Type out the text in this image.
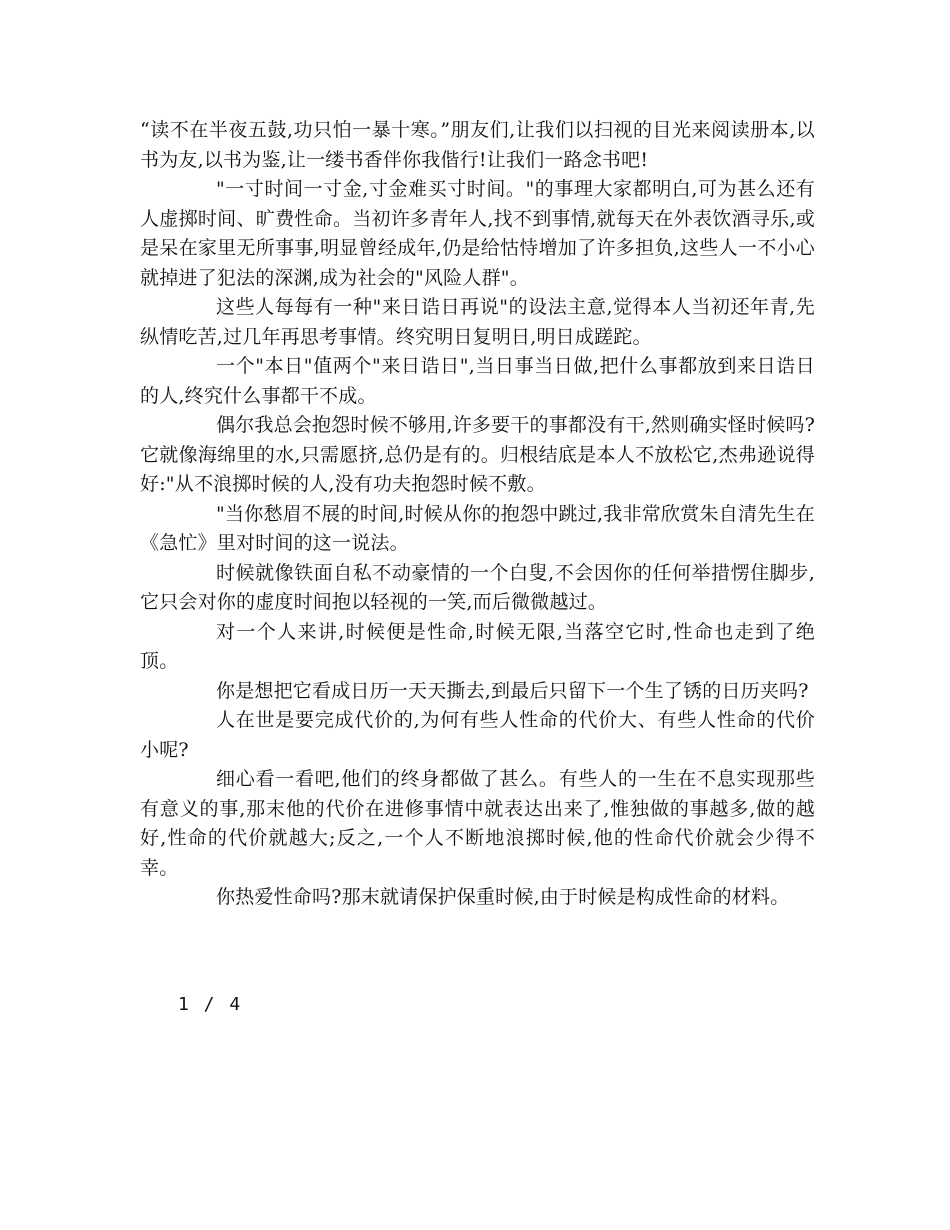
“读不在半夜五鼓,功只怕一暴十寒。”朋友们,让我们以扫视的目光来阅读册本,以书为友,以书为鉴,让一缕书香伴你我偕行!让我们一路念书吧!

"一寸时间一寸金,寸金难买寸时间。"的事理大家都明白,可为甚么还有人虚掷时间、旷费性命。当初许多青年人,找不到事情,就每天在外表饮酒寻乐,或是呆在家里无所事事,明显曾经成年,仍是给怙恃增加了许多担负,这些人一不小心就掉进了犯法的深渊,成为社会的"风险人群"。

这些人每每有一种"来日诰日再说"的设法主意,觉得本人当初还年青,先纵情吃苦,过几年再思考事情。终究明日复明日,明日成蹉跎。

一个"本日"值两个"来日诰日",当日事当日做,把什么事都放到来日诰日的人,终究什么事都干不成。

偶尔我总会抱怨时候不够用,许多要干的事都没有干,然则确实怪时候吗?它就像海绵里的水,只需愿挤,总仍是有的。归根结底是本人不放松它,杰弗逊说得好:"从不浪掷时候的人,没有功夫抱怨时候不敷。

"当你愁眉不展的时间,时候从你的抱怨中跳过,我非常欣赏朱自清先生在《急忙》里对时间的这一说法。

时候就像铁面自私不动豪情的一个白叟,不会因你的任何举措愣住脚步,它只会对你的虚度时间抱以轻视的一笑,而后微微越过。

对一个人来讲,时候便是性命,时候无限,当落空它时,性命也走到了绝顶。

你是想把它看成日历一天天撕去,到最后只留下一个生了锈的日历夹吗?

人在世是要完成代价的,为何有些人性命的代价大、有些人性命的代价小呢?

细心看一看吧,他们的终身都做了甚么。有些人的一生在不息实现那些有意义的事,那末他的代价在进修事情中就表达出来了,惟独做的事越多,做的越好,性命的代价就越大;反之,一个人不断地浪掷时候,他的性命代价就会少得不幸。

你热爱性命吗?那末就请保护保重时候,由于时候是构成性命的材料。

1 / 4
